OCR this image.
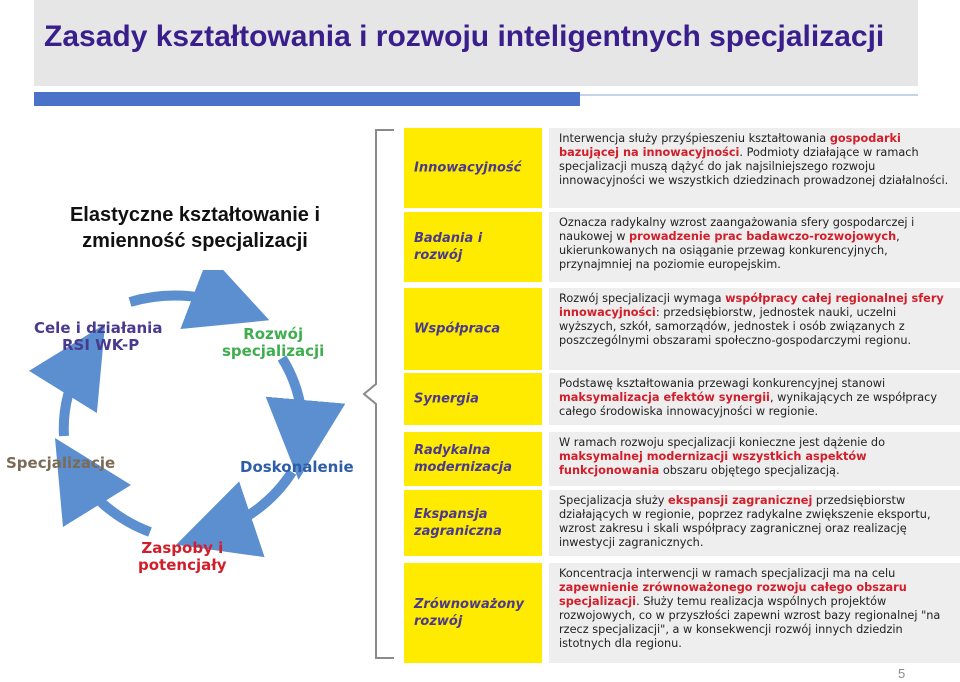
Zasady kształtowania i rozwoju inteligentnych specjalizacji
Elastyczne kształtowanie i
zmienność specjalizacji
Cele i działania
RSI WK-P
Rozwój
specjalizacji
Doskonalenie
Zaspoby i
potencjały
Specjalizacje
Innowacyjność

Interwencja służy przyśpieszeniu kształtowania gospodarki bazującej na innowacyjności. Podmioty działające w ramach specjalizacji muszą dążyć do jak najsilniejszego rozwoju innowacyjności we wszystkich dziedzinach prowadzonej działalności.

Badania i
rozwój

Oznacza radykalny wzrost zaangażowania sfery gospodarczej i naukowej w prowadzenie prac badawczo-rozwojowych, ukierunkowanych na osiąganie przewag konkurencyjnych, przynajmniej na poziomie europejskim.

Współpraca

Rozwój specjalizacji wymaga współpracy całej regionalnej sfery innowacyjności: przedsiębiorstw, jednostek nauki, uczelni wyższych, szkół, samorządów, jednostek i osób związanych z poszczególnymi obszarami społeczno-gospodarczymi regionu.

Synergia

Podstawę kształtowania przewagi konkurencyjnej stanowi maksymalizacja efektów synergii, wynikających ze współpracy całego środowiska innowacyjności w regionie.

Radykalna
modernizacja

W ramach rozwoju specjalizacji konieczne jest dążenie do maksymalnej modernizacji wszystkich aspektów funkcjonowania obszaru objętego specjalizacją.

Ekspansja
zagraniczna

Specjalizacja służy ekspansji zagranicznej przedsiębiorstw działających w regionie, poprzez radykalne zwiększenie eksportu, wzrost zakresu i skali współpracy zagranicznej oraz realizację inwestycji zagranicznych.

Zrównoważony
rozwój

Koncentracja interwencji w ramach specjalizacji ma na celu zapewnienie zrównoważonego rozwoju całego obszaru specjalizacji. Służy temu realizacja wspólnych projektów rozwojowych, co w przyszłości zapewni wzrost bazy regionalnej "na rzecz specjalizacji", a w konsekwencji rozwój innych dziedzin istotnych dla regionu.

5
